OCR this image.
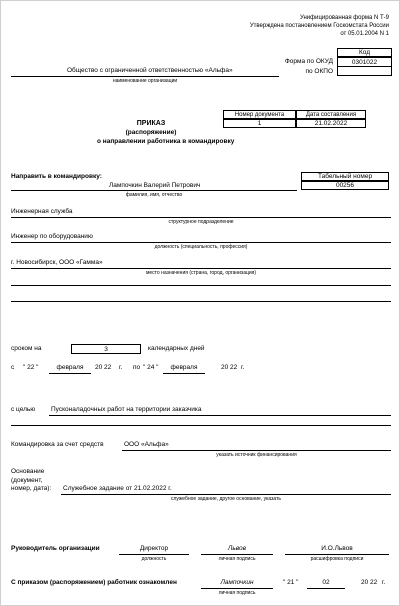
Унифицированная форма N Т-9
Утверждена постановлением Госкомстата России
от 05.01.2004 N 1
Код
Форма по ОКУД	0301022
по ОКПО
Общество с ограниченной ответственностью «Альфа»
наименование организации
Номер документа	Дата составления
1	21.02.2022
ПРИКАЗ
(распоряжение)
о направлении работника в командировку
Направить в командировку:	Табельный номер
00256
Лампочкин Валерий Петрович
фамилия, имя, отчество
Инженерная служба
структурное подразделение
Инженер по оборудованию
должность (специальность, профессия)
г. Новосибирск, ООО «Гамма»
место назначения (страна, город, организация)
сроком на	3	календарных дней
с " 22 "	февраля	20 22 г. по " 24 "	февраля	20 22 г.
с целью Пусконаладочных работ на территории заказчика
Командировка за счет средств	ООО «Альфа»
указать источник финансирования
Основание
(документ,
номер, дата): Служебное задание от 21.02.2022 г.
служебное задание, другое основание, указать
Руководитель организации	Директор
должность
Львов
личная подпись
И.О.Львов
расшифровка подписи
С приказом (распоряжением) работник ознакомлен	Лампочкин
личная подпись
" 21 "	02	20 22 г.
